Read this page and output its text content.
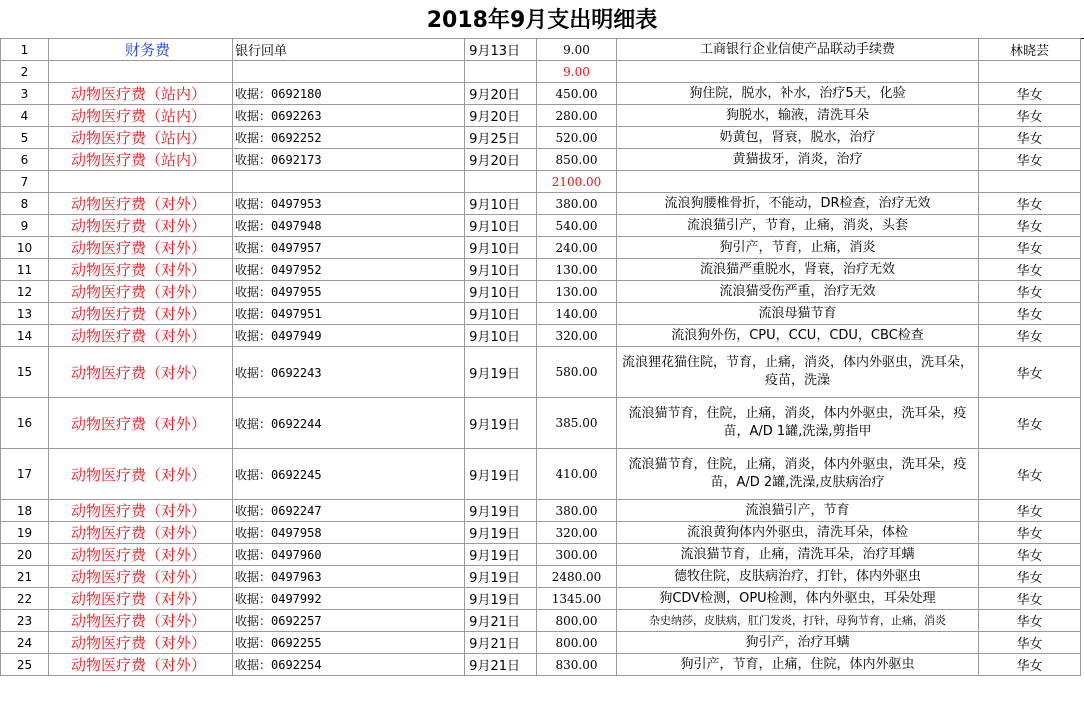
2018年9月支出明细表
1	财务费	银行回单	9月13日	9.00	工商银行企业信使产品联动手续费	林晓芸
2				9.00		
3	动物医疗费（站内）	收据：0692180	9月20日	450.00	狗住院，脱水，补水，治疗5天，化验	华女
4	动物医疗费（站内）	收据：0692263	9月20日	280.00	狗脱水，输液，清洗耳朵	华女
5	动物医疗费（站内）	收据：0692252	9月25日	520.00	奶黄包，肾衰，脱水，治疗	华女
6	动物医疗费（站内）	收据：0692173	9月20日	850.00	黄猫拔牙，消炎，治疗	华女
7				2100.00		
8	动物医疗费（对外）	收据：0497953	9月10日	380.00	流浪狗腰椎骨折，不能动，DR检查，治疗无效	华女
9	动物医疗费（对外）	收据：0497948	9月10日	540.00	流浪猫引产，节育，止痛，消炎，头套	华女
10	动物医疗费（对外）	收据：0497957	9月10日	240.00	狗引产，节育，止痛，消炎	华女
11	动物医疗费（对外）	收据：0497952	9月10日	130.00	流浪猫严重脱水，肾衰，治疗无效	华女
12	动物医疗费（对外）	收据：0497955	9月10日	130.00	流浪猫受伤严重，治疗无效	华女
13	动物医疗费（对外）	收据：0497951	9月10日	140.00	流浪母猫节育	华女
14	动物医疗费（对外）	收据：0497949	9月10日	320.00	流浪狗外伤，CPU，CCU，CDU，CBC检查	华女
15	动物医疗费（对外）	收据：0692243	9月19日	580.00	流浪狸花猫住院，节育，止痛，消炎，体内外驱虫，洗耳朵，疫苗，洗澡	华女
16	动物医疗费（对外）	收据：0692244	9月19日	385.00	流浪猫节育，住院，止痛，消炎，体内外驱虫，洗耳朵，疫苗，A/D 1罐,洗澡,剪指甲	华女
17	动物医疗费（对外）	收据：0692245	9月19日	410.00	流浪猫节育，住院，止痛，消炎，体内外驱虫，洗耳朵，疫苗，A/D 2罐,洗澡,皮肤病治疗	华女
18	动物医疗费（对外）	收据：0692247	9月19日	380.00	流浪猫引产，节育	华女
19	动物医疗费（对外）	收据：0497958	9月19日	320.00	流浪黄狗体内外驱虫，清洗耳朵，体检	华女
20	动物医疗费（对外）	收据：0497960	9月19日	300.00	流浪猫节育，止痛，清洗耳朵，治疗耳螨	华女
21	动物医疗费（对外）	收据：0497963	9月19日	2480.00	德牧住院，皮肤病治疗，打针，体内外驱虫	华女
22	动物医疗费（对外）	收据：0497992	9月19日	1345.00	狗CDV检测，OPU检测，体内外驱虫，耳朵处理	华女
23	动物医疗费（对外）	收据：0692257	9月21日	800.00	杂史纳莎，皮肤病，肛门发炎，打针，母狗节育，止痛，消炎	华女
24	动物医疗费（对外）	收据：0692255	9月21日	800.00	狗引产，治疗耳螨	华女
25	动物医疗费（对外）	收据：0692254	9月21日	830.00	狗引产，节育，止痛，住院，体内外驱虫	华女
